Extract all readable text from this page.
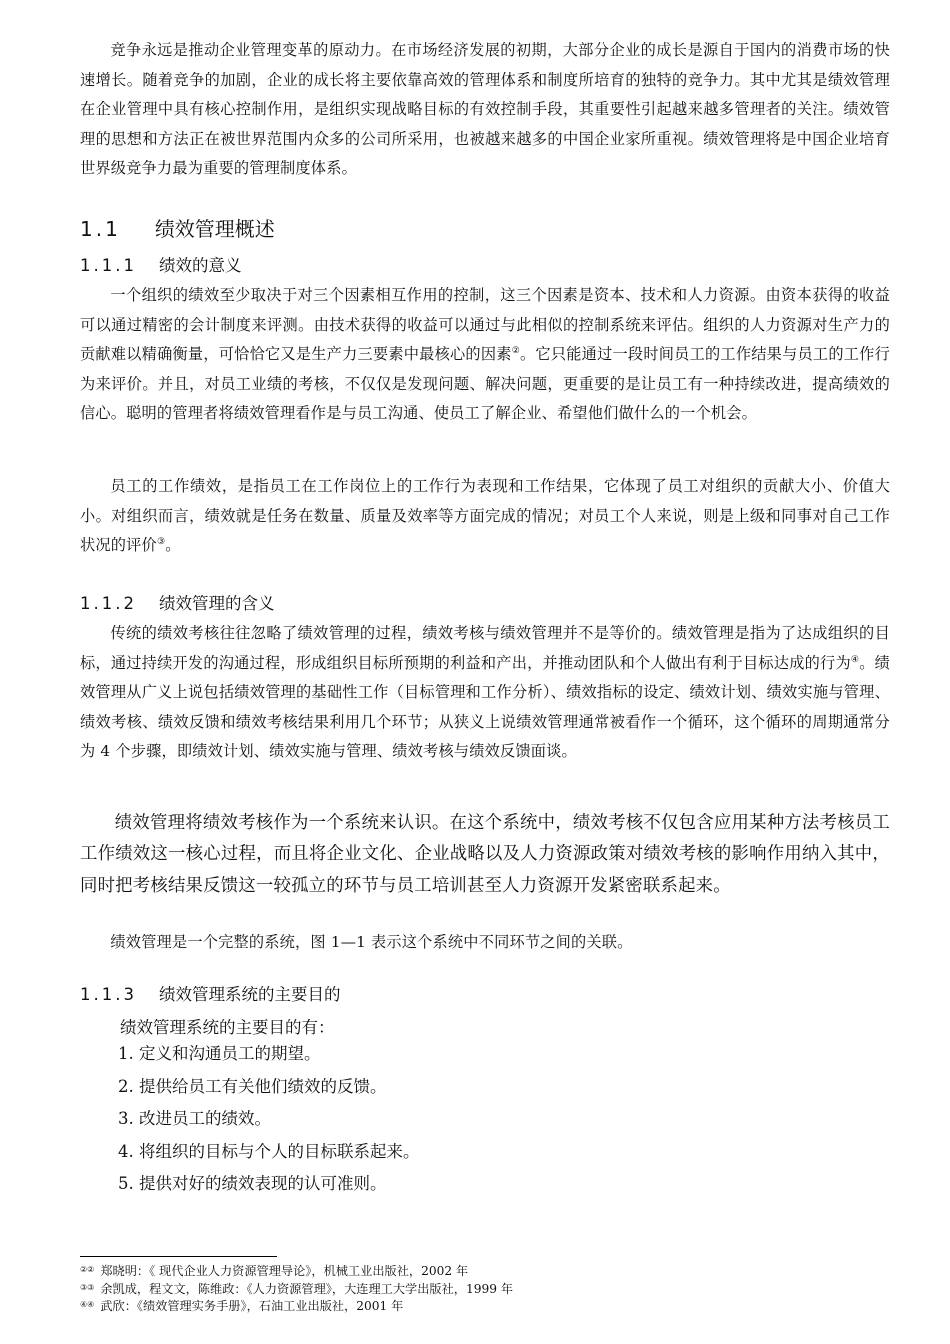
竞争永远是推动企业管理变革的原动力。在市场经济发展的初期，大部分企业的成长是源自于国内的消费市场的快速增长。随着竞争的加剧，企业的成长将主要依靠高效的管理体系和制度所培育的独特的竞争力。其中尤其是绩效管理在企业管理中具有核心控制作用，是组织实现战略目标的有效控制手段，其重要性引起越来越多管理者的关注。绩效管理的思想和方法正在被世界范围内众多的公司所采用，也被越来越多的中国企业家所重视。绩效管理将是中国企业培育世界级竞争力最为重要的管理制度体系。

1.1 绩效管理概述
1.1.1 绩效的意义

一个组织的绩效至少取决于对三个因素相互作用的控制，这三个因素是资本、技术和人力资源。由资本获得的收益可以通过精密的会计制度来评测。由技术获得的收益可以通过与此相似的控制系统来评估。组织的人力资源对生产力的贡献难以精确衡量，可恰恰它又是生产力三要素中最核心的因素②。它只能通过一段时间员工的工作结果与员工的工作行为来评价。并且，对员工业绩的考核，不仅仅是发现问题、解决问题，更重要的是让员工有一种持续改进，提高绩效的信心。聪明的管理者将绩效管理看作是与员工沟通、使员工了解企业、希望他们做什么的一个机会。

员工的工作绩效，是指员工在工作岗位上的工作行为表现和工作结果，它体现了员工对组织的贡献大小、价值大小。对组织而言，绩效就是任务在数量、质量及效率等方面完成的情况；对员工个人来说，则是上级和同事对自己工作状况的评价③。

1.1.2 绩效管理的含义

传统的绩效考核往往忽略了绩效管理的过程，绩效考核与绩效管理并不是等价的。绩效管理是指为了达成组织的目标，通过持续开发的沟通过程，形成组织目标所预期的利益和产出，并推动团队和个人做出有利于目标达成的行为④。绩效管理从广义上说包括绩效管理的基础性工作（目标管理和工作分析）、绩效指标的设定、绩效计划、绩效实施与管理、绩效考核、绩效反馈和绩效考核结果利用几个环节；从狭义上说绩效管理通常被看作一个循环，这个循环的周期通常分为 4 个步骤，即绩效计划、绩效实施与管理、绩效考核与绩效反馈面谈。

绩效管理将绩效考核作为一个系统来认识。在这个系统中，绩效考核不仅包含应用某种方法考核员工工作绩效这一核心过程，而且将企业文化、企业战略以及人力资源政策对绩效考核的影响作用纳入其中，同时把考核结果反馈这一较孤立的环节与员工培训甚至人力资源开发紧密联系起来。

绩效管理是一个完整的系统，图 1—1 表示这个系统中不同环节之间的关联。

1.1.3 绩效管理系统的主要目的

绩效管理系统的主要目的有：

1. 定义和沟通员工的期望。
2. 提供给员工有关他们绩效的反馈。
3. 改进员工的绩效。
4. 将组织的目标与个人的目标联系起来。
5. 提供对好的绩效表现的认可准则。
②② 郑晓明：《 现代企业人力资源管理导论》，机械工业出版社，2002 年
③③ 余凯成，程文文，陈维政：《人力资源管理》，大连理工大学出版社，1999 年
④④ 武欣：《绩效管理实务手册》，石油工业出版社，2001 年
